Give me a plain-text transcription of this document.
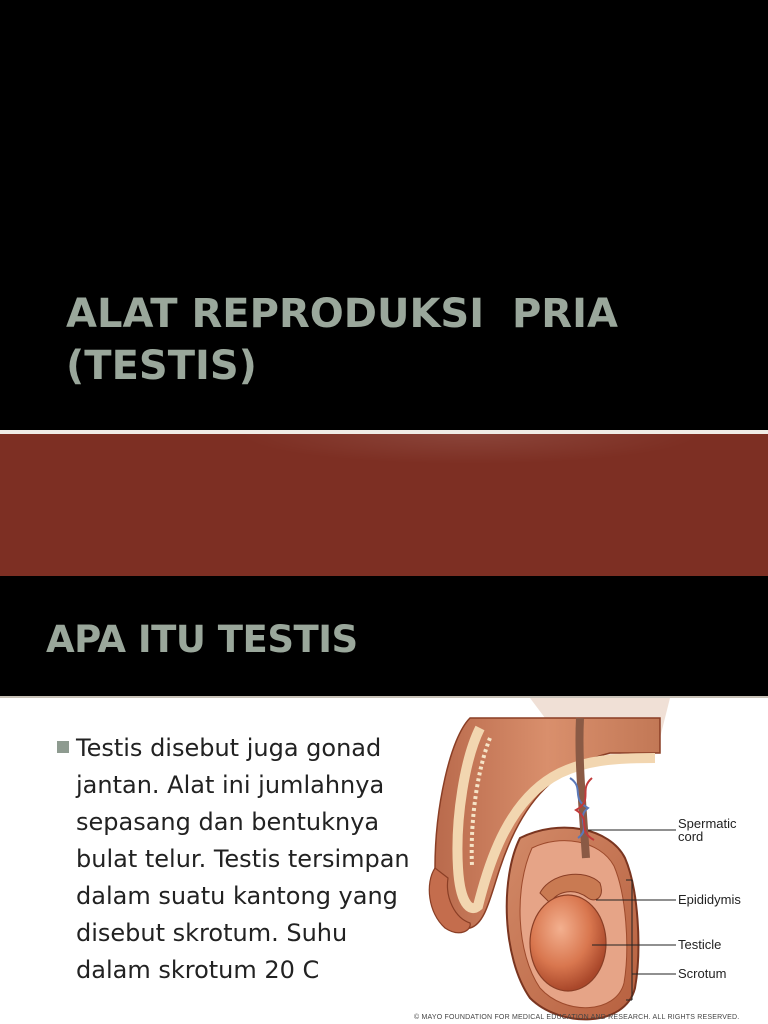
ALAT REPRODUKSI  PRIA
(TESTIS)
APA ITU TESTIS

Testis disebut juga gonad jantan. Alat ini jumlahnya sepasang dan bentuknya bulat telur. Testis tersimpan dalam suatu kantong yang disebut skrotum. Suhu dalam skrotum 20 C

Spermatic
cord
Epididymis
Testicle
Scrotum
© MAYO FOUNDATION FOR MEDICAL EDUCATION AND RESEARCH. ALL RIGHTS RESERVED.
